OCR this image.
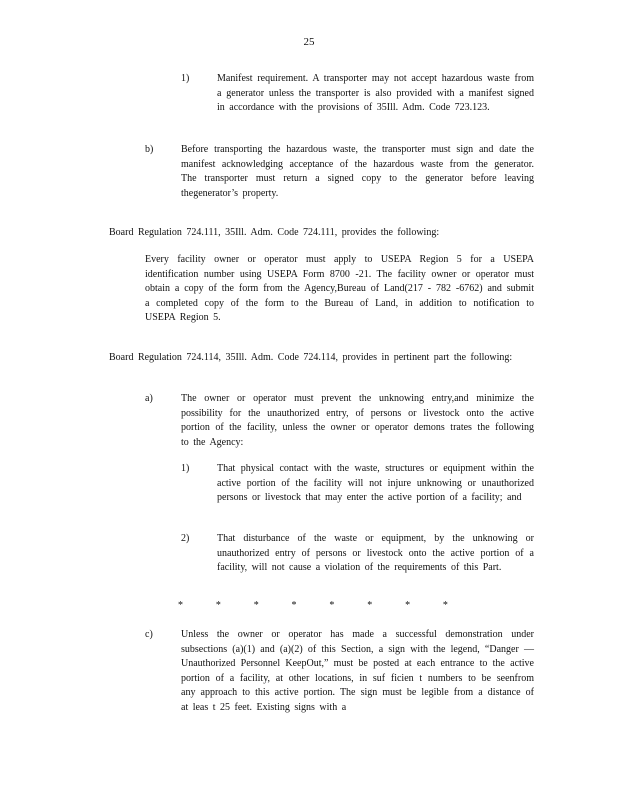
25
1)	Manifest requirement. A transporter may not accept hazardous waste from a generator unless the transporter is also provided with a manifest signed in accordance with the provisions of 35Ill. Adm. Code 723.123.
b)	Before transporting the hazardous waste, the transporter must sign and date the manifest acknowledging acceptance of the hazardous waste from the generator. The transporter must return a signed copy to the generator before leaving thegenerator’s property.
Board Regulation 724.111, 35Ill. Adm. Code 724.111, provides the following:
Every facility owner or operator must apply to USEPA Region 5 for a USEPA identification number using USEPA Form 8700 -21. The facility owner or operator must obtain a copy of the form from the Agency,Bureau of Land(217 - 782 -6762) and submit a completed copy of the form to the Bureau of Land, in addition to notification to USEPA Region 5.
Board Regulation 724.114, 35Ill. Adm. Code 724.114, provides in pertinent part the following:
a)	The owner or operator must prevent the unknowing entry,and minimize the possibility for the unauthorized entry, of persons or livestock onto the active portion of the facility, unless the owner or operator demons trates the following to the Agency:
1)	That physical contact with the waste, structures or equipment within the active portion of the facility will not injure unknowing or unauthorized persons or livestock that may enter the active portion of a facility; and
2)	That disturbance of the waste or equipment, by the unknowing or unauthorized entry of persons or livestock onto the active portion of a facility, will not cause a violation of the requirements of this Part.
*	*	*	*	*	*	*	*
c)	Unless the owner or operator has made a successful demonstration under subsections (a)(1) and (a)(2) of this Section, a sign with the legend, “Danger — Unauthorized Personnel KeepOut,” must be posted at each entrance to the active portion of a facility, at other locations, in suf ficien t numbers to be seenfrom any approach to this active portion. The sign must be legible from a distance of at leas t 25 feet. Existing signs with a
